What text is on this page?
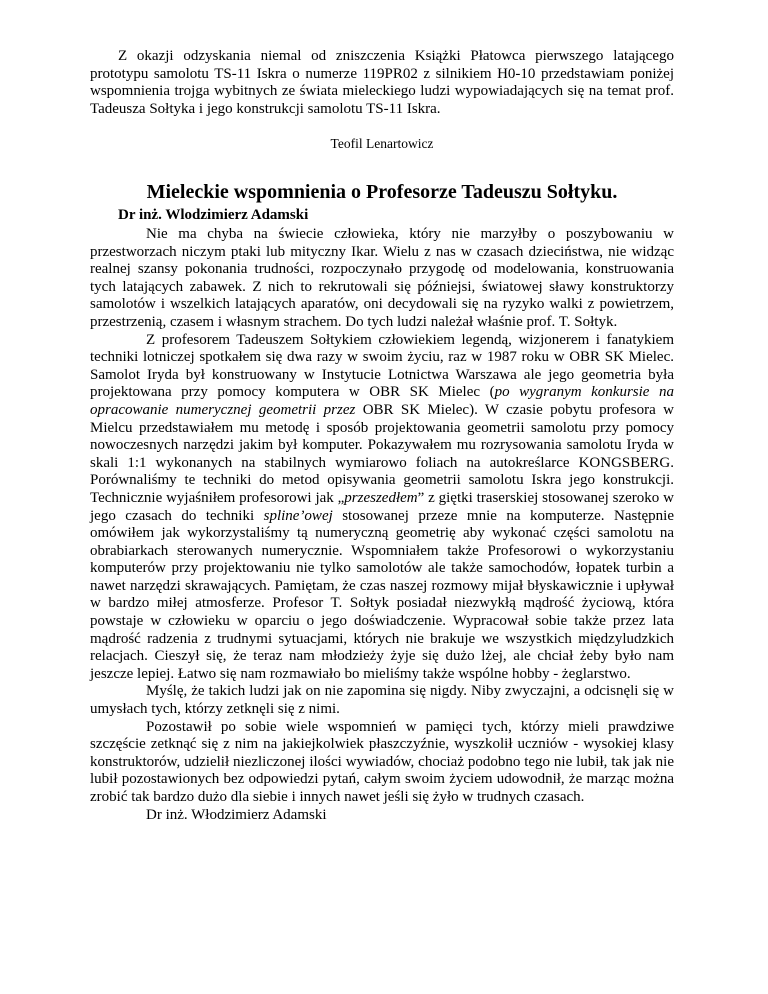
Z okazji odzyskania niemal od zniszczenia Książki Płatowca pierwszego latającego prototypu samolotu TS-11 Iskra o numerze 119PR02 z silnikiem H0-10 przedstawiam poniżej wspomnienia trojga wybitnych ze świata mieleckiego ludzi wypowiadających się na temat prof. Tadeusza Sołtyka i jego konstrukcji samolotu TS-11 Iskra.

Teofil Lenartowicz
Mieleckie wspomnienia o Profesorze Tadeuszu Sołtyku.
Dr inż. Wlodzimierz Adamski

Nie ma chyba na świecie człowieka, który nie marzyłby o poszybowaniu w przestworzach niczym ptaki lub mityczny Ikar. Wielu z nas w czasach dzieciństwa, nie widząc realnej szansy pokonania trudności, rozpoczynało przygodę od modelowania, konstruowania tych latających zabawek. Z nich to rekrutowali się późniejsi, światowej sławy konstruktorzy samolotów i wszelkich latających aparatów, oni decydowali się na ryzyko walki z powietrzem, przestrzenią, czasem i własnym strachem. Do tych ludzi należał właśnie prof. T. Sołtyk.

Z profesorem Tadeuszem Sołtykiem człowiekiem legendą, wizjonerem i fanatykiem techniki lotniczej spotkałem się dwa razy w swoim życiu, raz w 1987 roku w OBR SK Mielec. Samolot Iryda był konstruowany w Instytucie Lotnictwa Warszawa ale jego geometria była projektowana przy pomocy komputera w OBR SK Mielec (po wygranym konkursie na opracowanie numerycznej geometrii przez OBR SK Mielec). W czasie pobytu profesora w Mielcu przedstawiałem mu metodę i sposób projektowania geometrii samolotu przy pomocy nowoczesnych narzędzi jakim był komputer. Pokazywałem mu rozrysowania samolotu Iryda w skali 1:1 wykonanych na stabilnych wymiarowo foliach na autokreślarce KONGSBERG. Porównaliśmy te techniki do metod opisywania geometrii samolotu Iskra jego konstrukcji. Technicznie wyjaśniłem profesorowi jak „przeszedłem” z giętki traserskiej stosowanej szeroko w jego czasach do techniki spline’owej stosowanej przeze mnie na komputerze. Następnie omówiłem jak wykorzystaliśmy tą numeryczną geometrię aby wykonać części samolotu na obrabiarkach sterowanych numerycznie. Wspomniałem także Profesorowi o wykorzystaniu komputerów przy projektowaniu nie tylko samolotów ale także samochodów, łopatek turbin a nawet narzędzi skrawających. Pamiętam, że czas naszej rozmowy mijał błyskawicznie i upływał w bardzo miłej atmosferze. Profesor T. Sołtyk posiadał niezwykłą mądrość życiową, która powstaje w człowieku w oparciu o jego doświadczenie. Wypracował sobie także przez lata mądrość radzenia z trudnymi sytuacjami, których nie brakuje we wszystkich międzyludzkich relacjach. Cieszył się, że teraz nam młodzieży żyje się dużo lżej, ale chciał żeby było nam jeszcze lepiej. Łatwo się nam rozmawiało bo mieliśmy także wspólne hobby - żeglarstwo.

Myślę, że takich ludzi jak on nie zapomina się nigdy. Niby zwyczajni, a odcisnęli się w umysłach tych, którzy zetknęli się z nimi.

Pozostawił po sobie wiele wspomnień w pamięci tych, którzy mieli prawdziwe szczęście zetknąć się z nim na jakiejkolwiek płaszczyźnie, wyszkolił uczniów - wysokiej klasy konstruktorów, udzielił niezliczonej ilości wywiadów, chociaż podobno tego nie lubił, tak jak nie lubił pozostawionych bez odpowiedzi pytań, całym swoim życiem udowodnił, że marząc można zrobić tak bardzo dużo dla siebie i innych nawet jeśli się żyło w trudnych czasach.

Dr inż. Włodzimierz Adamski
